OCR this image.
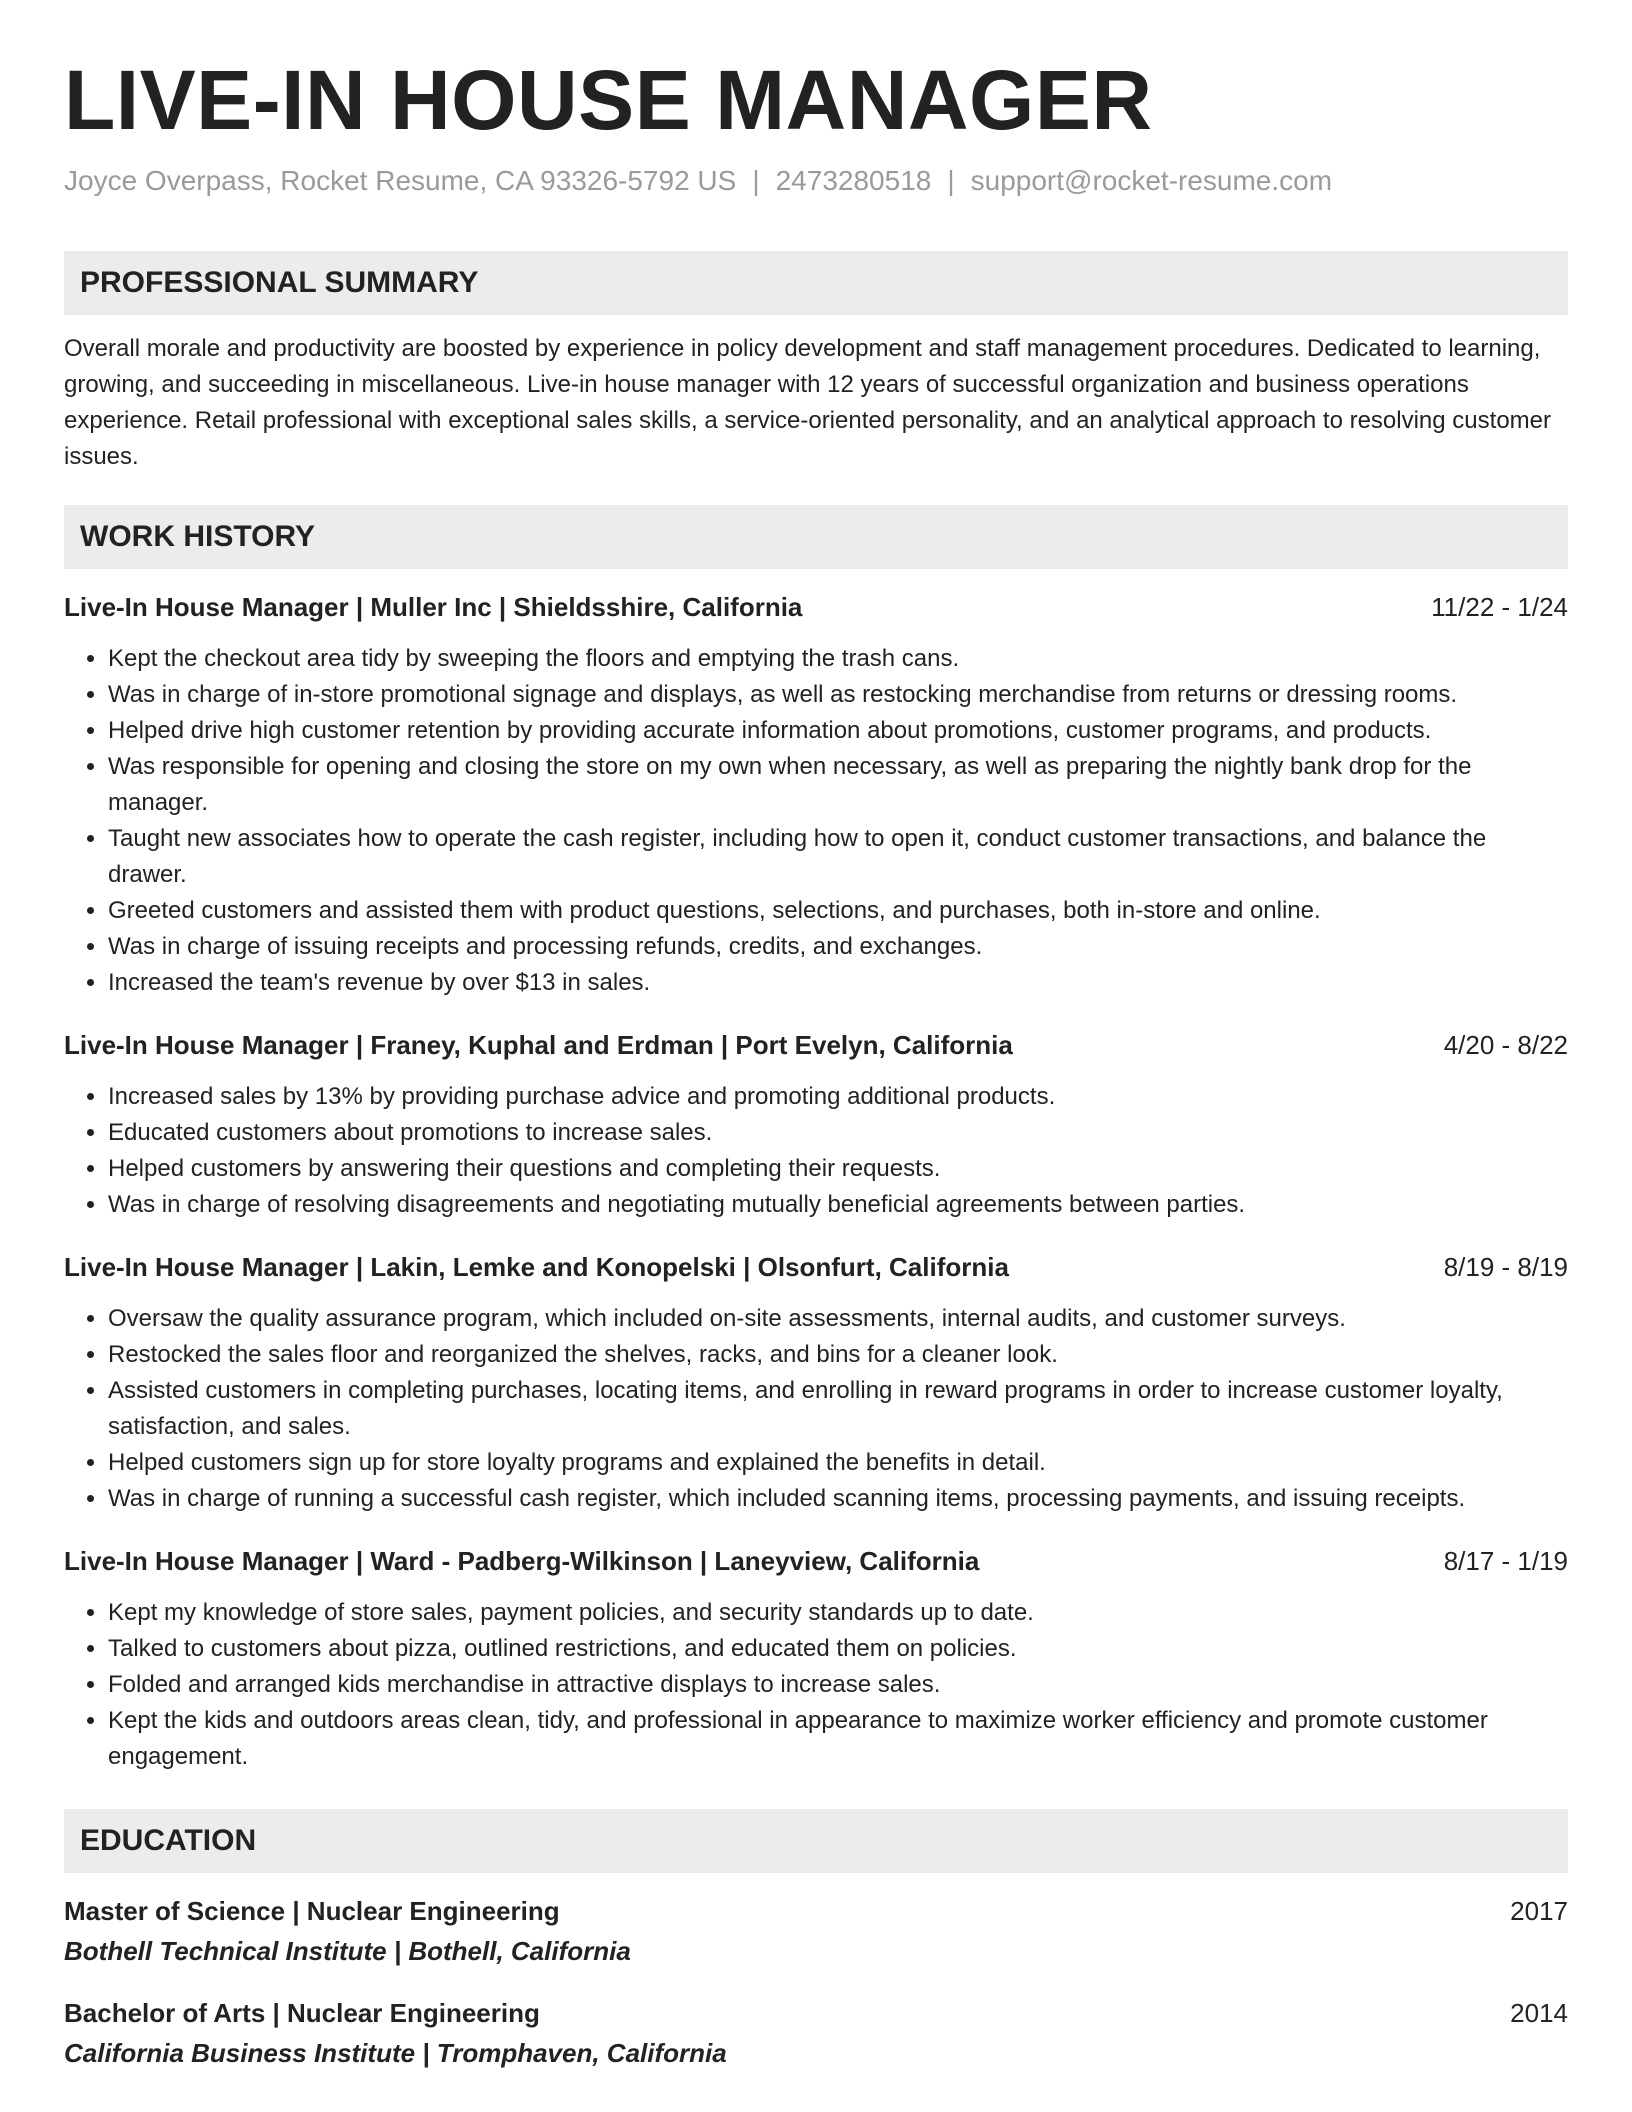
LIVE-IN HOUSE MANAGER
Joyce Overpass, Rocket Resume, CA 93326-5792 US | 2473280518 | support@rocket-resume.com
PROFESSIONAL SUMMARY

Overall morale and productivity are boosted by experience in policy development and staff management procedures. Dedicated to learning, growing, and succeeding in miscellaneous. Live-in house manager with 12 years of successful organization and business operations experience. Retail professional with exceptional sales skills, a service-oriented personality, and an analytical approach to resolving customer issues.

WORK HISTORY
Live-In House Manager | Muller Inc | Shieldsshire, California	11/22 - 1/24
• Kept the checkout area tidy by sweeping the floors and emptying the trash cans.
• Was in charge of in-store promotional signage and displays, as well as restocking merchandise from returns or dressing rooms.
• Helped drive high customer retention by providing accurate information about promotions, customer programs, and products.
• Was responsible for opening and closing the store on my own when necessary, as well as preparing the nightly bank drop for the manager.
• Taught new associates how to operate the cash register, including how to open it, conduct customer transactions, and balance the drawer.
• Greeted customers and assisted them with product questions, selections, and purchases, both in-store and online.
• Was in charge of issuing receipts and processing refunds, credits, and exchanges.
• Increased the team's revenue by over $13 in sales.
Live-In House Manager | Franey, Kuphal and Erdman | Port Evelyn, California	4/20 - 8/22
• Increased sales by 13% by providing purchase advice and promoting additional products.
• Educated customers about promotions to increase sales.
• Helped customers by answering their questions and completing their requests.
• Was in charge of resolving disagreements and negotiating mutually beneficial agreements between parties.
Live-In House Manager | Lakin, Lemke and Konopelski | Olsonfurt, California	8/19 - 8/19
• Oversaw the quality assurance program, which included on-site assessments, internal audits, and customer surveys.
• Restocked the sales floor and reorganized the shelves, racks, and bins for a cleaner look.
• Assisted customers in completing purchases, locating items, and enrolling in reward programs in order to increase customer loyalty, satisfaction, and sales.
• Helped customers sign up for store loyalty programs and explained the benefits in detail.
• Was in charge of running a successful cash register, which included scanning items, processing payments, and issuing receipts.
Live-In House Manager | Ward - Padberg-Wilkinson | Laneyview, California	8/17 - 1/19
• Kept my knowledge of store sales, payment policies, and security standards up to date.
• Talked to customers about pizza, outlined restrictions, and educated them on policies.
• Folded and arranged kids merchandise in attractive displays to increase sales.
• Kept the kids and outdoors areas clean, tidy, and professional in appearance to maximize worker efficiency and promote customer engagement.
EDUCATION
Master of Science | Nuclear Engineering	2017
Bothell Technical Institute | Bothell, California
Bachelor of Arts | Nuclear Engineering	2014
California Business Institute | Tromphaven, California
